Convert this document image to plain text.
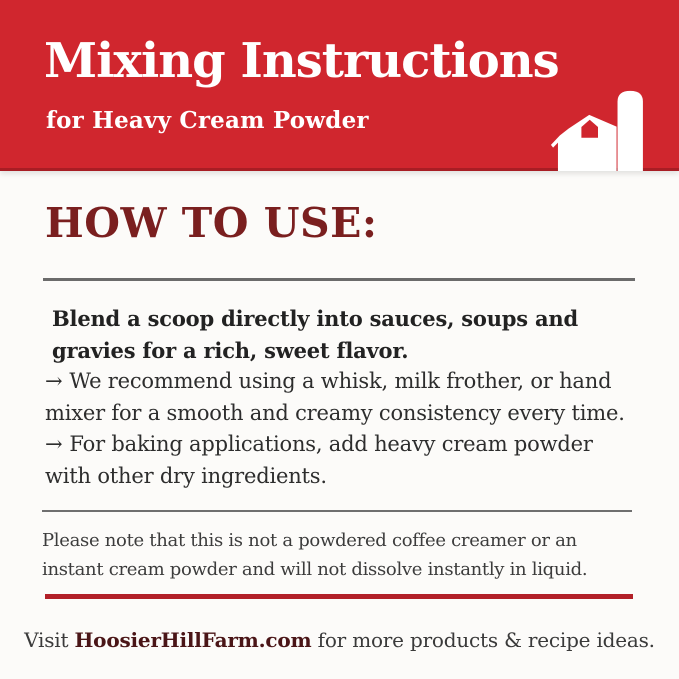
Mixing Instructions
for Heavy Cream Powder
HOW TO USE:

Blend a scoop directly into sauces, soups and gravies for a rich, sweet flavor.

→ We recommend using a whisk, milk frother, or hand mixer for a smooth and creamy consistency every time.

→ For baking applications, add heavy cream powder with other dry ingredients.

Please note that this is not a powdered coffee creamer or an instant cream powder and will not dissolve instantly in liquid.

Visit HoosierHillFarm.com for more products & recipe ideas.
